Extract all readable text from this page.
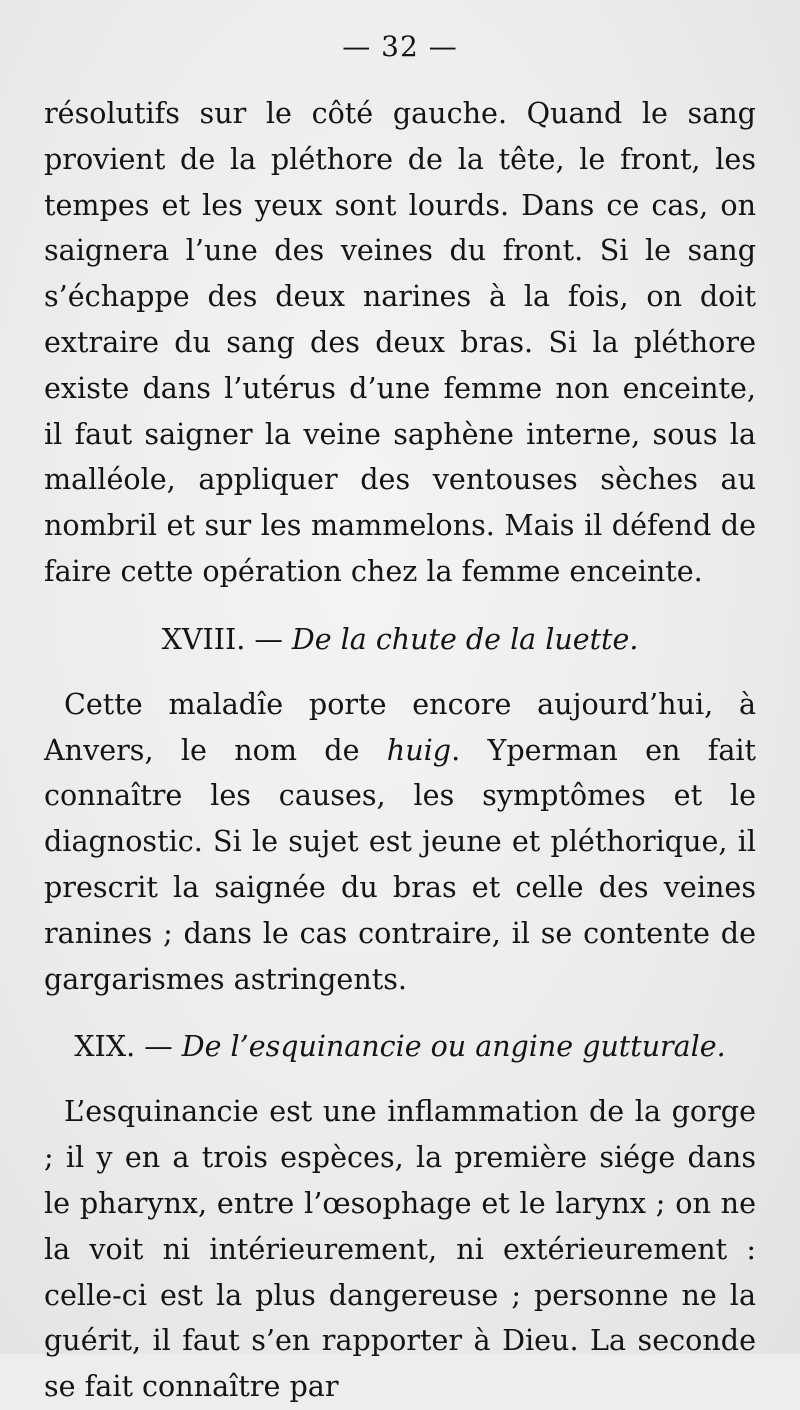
— 32 —

résolutifs sur le côté gauche. Quand le sang provient de la pléthore de la tête, le front, les tempes et les yeux sont lourds. Dans ce cas, on saignera l’une des veines du front. Si le sang s’échappe des deux narines à la fois, on doit extraire du sang des deux bras. Si la pléthore existe dans l’utérus d’une femme non enceinte, il faut saigner la veine saphène interne, sous la malléole, appliquer des ventouses sèches au nombril et sur les mammelons. Mais il défend de faire cette opération chez la femme enceinte.

XVIII. — De la chute de la luette.

Cette maladîe porte encore aujourd’hui, à Anvers, le nom de huig. Yperman en fait connaître les causes, les symptômes et le diagnostic. Si le sujet est jeune et pléthorique, il prescrit la saignée du bras et celle des veines ranines ; dans le cas contraire, il se contente de gargarismes astringents.

XIX. — De l’esquinancie ou angine gutturale.

L’esquinancie est une inflammation de la gorge ; il y en a trois espèces, la première siége dans le pharynx, entre l’œsophage et le larynx ; on ne la voit ni intérieurement, ni extérieurement : celle-ci est la plus dangereuse ; personne ne la guérit, il faut s’en rapporter à Dieu. La seconde se fait connaître par
